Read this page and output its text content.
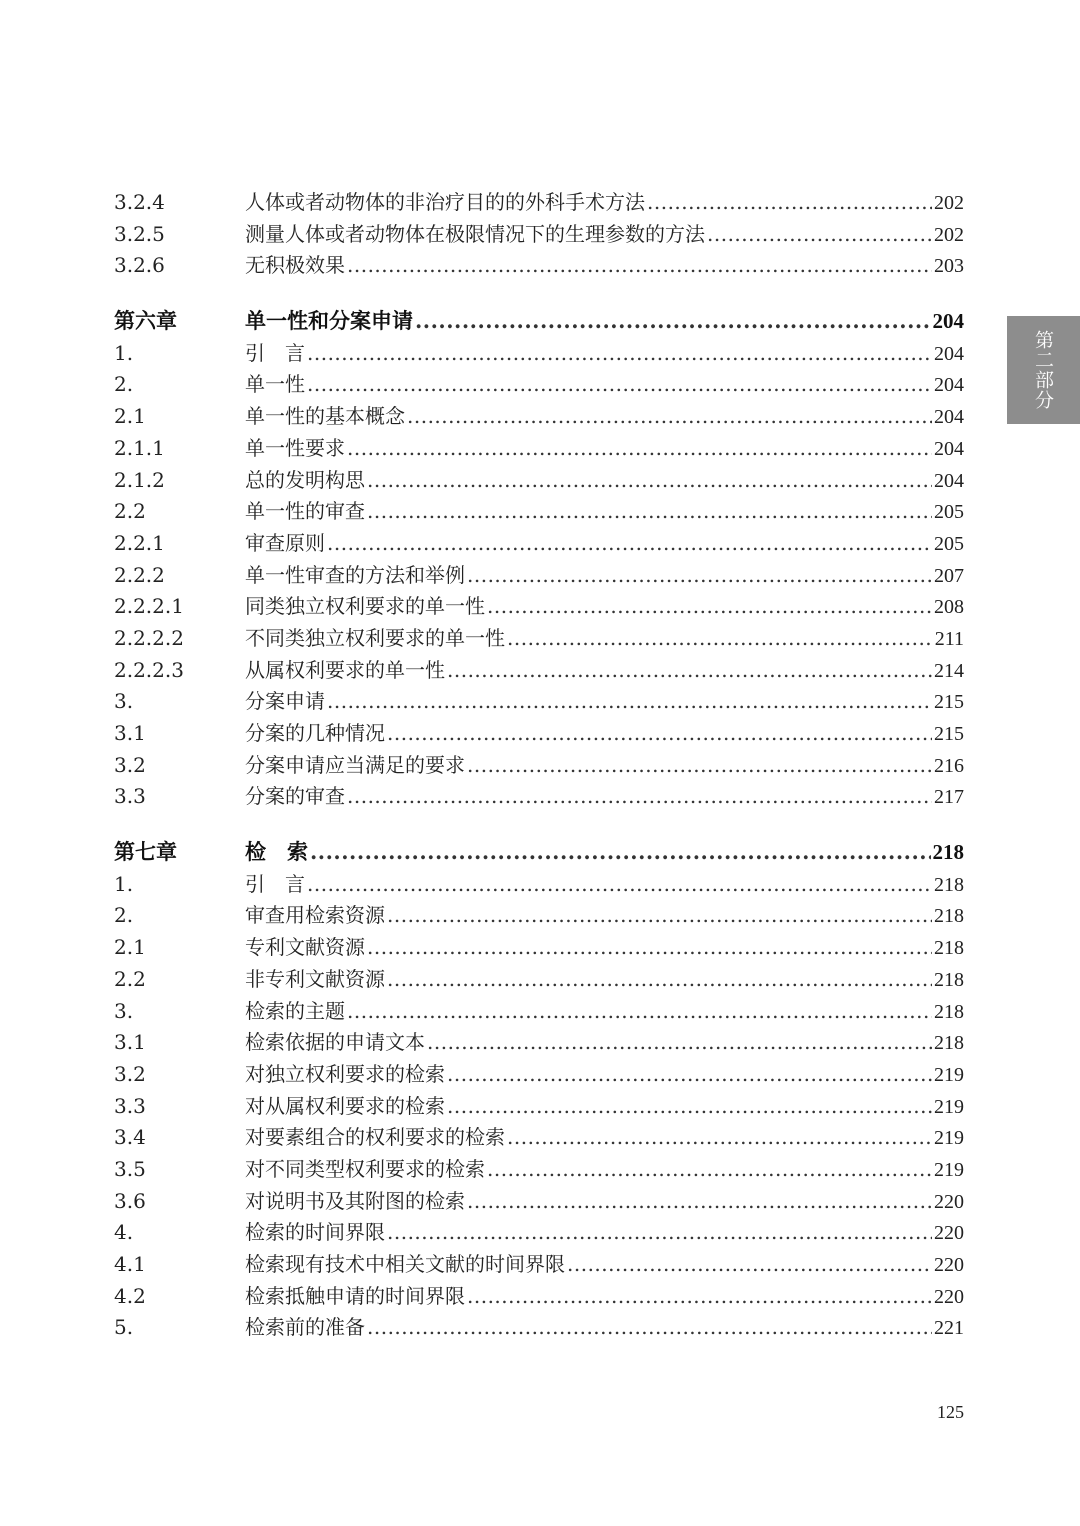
3.2.4	人体或者动物体的非治疗目的的外科手术方法 .....	202
3.2.5	测量人体或者动物体在极限情况下的生理参数的方法 .....	202
3.2.6	无积极效果 .....	203
第六章	单一性和分案申请 .....	204
1.	引　言 .....	204
2.	单一性 .....	204
2.1	单一性的基本概念 .....	204
2.1.1	单一性要求 .....	204
2.1.2	总的发明构思 .....	204
2.2	单一性的审查 .....	205
2.2.1	审查原则 .....	205
2.2.2	单一性审查的方法和举例 .....	207
2.2.2.1	同类独立权利要求的单一性 .....	208
2.2.2.2	不同类独立权利要求的单一性 .....	211
2.2.2.3	从属权利要求的单一性 .....	214
3.	分案申请 .....	215
3.1	分案的几种情况 .....	215
3.2	分案申请应当满足的要求 .....	216
3.3	分案的审查 .....	217
第七章	检　索 .....	218
1.	引　言 .....	218
2.	审查用检索资源 .....	218
2.1	专利文献资源 .....	218
2.2	非专利文献资源 .....	218
3.	检索的主题 .....	218
3.1	检索依据的申请文本 .....	218
3.2	对独立权利要求的检索 .....	219
3.3	对从属权利要求的检索 .....	219
3.4	对要素组合的权利要求的检索 .....	219
3.5	对不同类型权利要求的检索 .....	219
3.6	对说明书及其附图的检索 .....	220
4.	检索的时间界限 .....	220
4.1	检索现有技术中相关文献的时间界限 .....	220
4.2	检索抵触申请的时间界限 .....	220
5.	检索前的准备 .....	221
第二部分
125
